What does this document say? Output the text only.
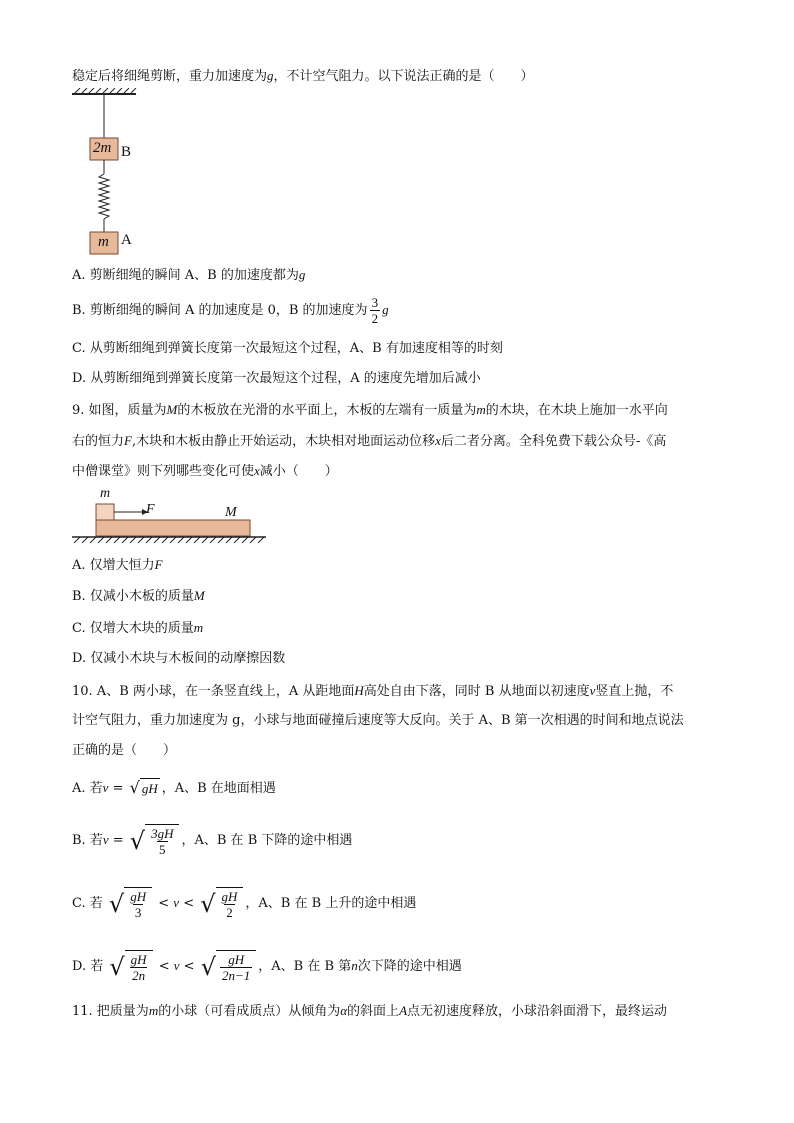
稳定后将细绳剪断，重力加速度为g，不计空气阻力。以下说法正确的是（　　）
2m B
m A
A. 剪断细绳的瞬间 A、B 的加速度都为g
B. 剪断细绳的瞬间 A 的加速度是 0，B 的加速度为 $\frac{3}{2}$ g
C. 从剪断细绳到弹簧长度第一次最短这个过程，A、B 有加速度相等的时刻
D. 从剪断细绳到弹簧长度第一次最短这个过程，A 的速度先增加后减小
9. 如图，质量为M的木板放在光滑的水平面上，木板的左端有一质量为m的木块，在木块上施加一水平向
右的恒力F,木块和木板由静止开始运动，木块相对地面运动位移x后二者分离。全科免费下载公众号-《高
中僧课堂》则下列哪些变化可使x减小（　　）
m
F	M
A. 仅增大恒力F
B. 仅减小木板的质量M
C. 仅增大木块的质量m
D. 仅减小木块与木板间的动摩擦因数
10. A、B 两小球，在一条竖直线上，A 从距地面H高处自由下落，同时 B 从地面以初速度v竖直上抛，不
计空气阻力，重力加速度为 g，小球与地面碰撞后速度等大反向。关于 A、B 第一次相遇的时间和地点说法
正确的是（　　）
A. 若v = √ gH ，A、B 在地面相遇
B. 若v = √ $\frac{3gH}{5}$ ，A、B 在 B 下降的途中相遇
C. 若 √ $\frac{gH}{3} < v$ < √ $\frac{gH}{2}$ ，A、B 在 B 上升的途中相遇
D. 若 √ $\frac{gH}{2n} < v$ < √ $\frac{gH}{2n-1}$ ，A、B 在 B 第n次下降的途中相遇
11. 把质量为m的小球（可看成质点）从倾角为α的斜面上A点无初速度释放，小球沿斜面滑下，最终运动
